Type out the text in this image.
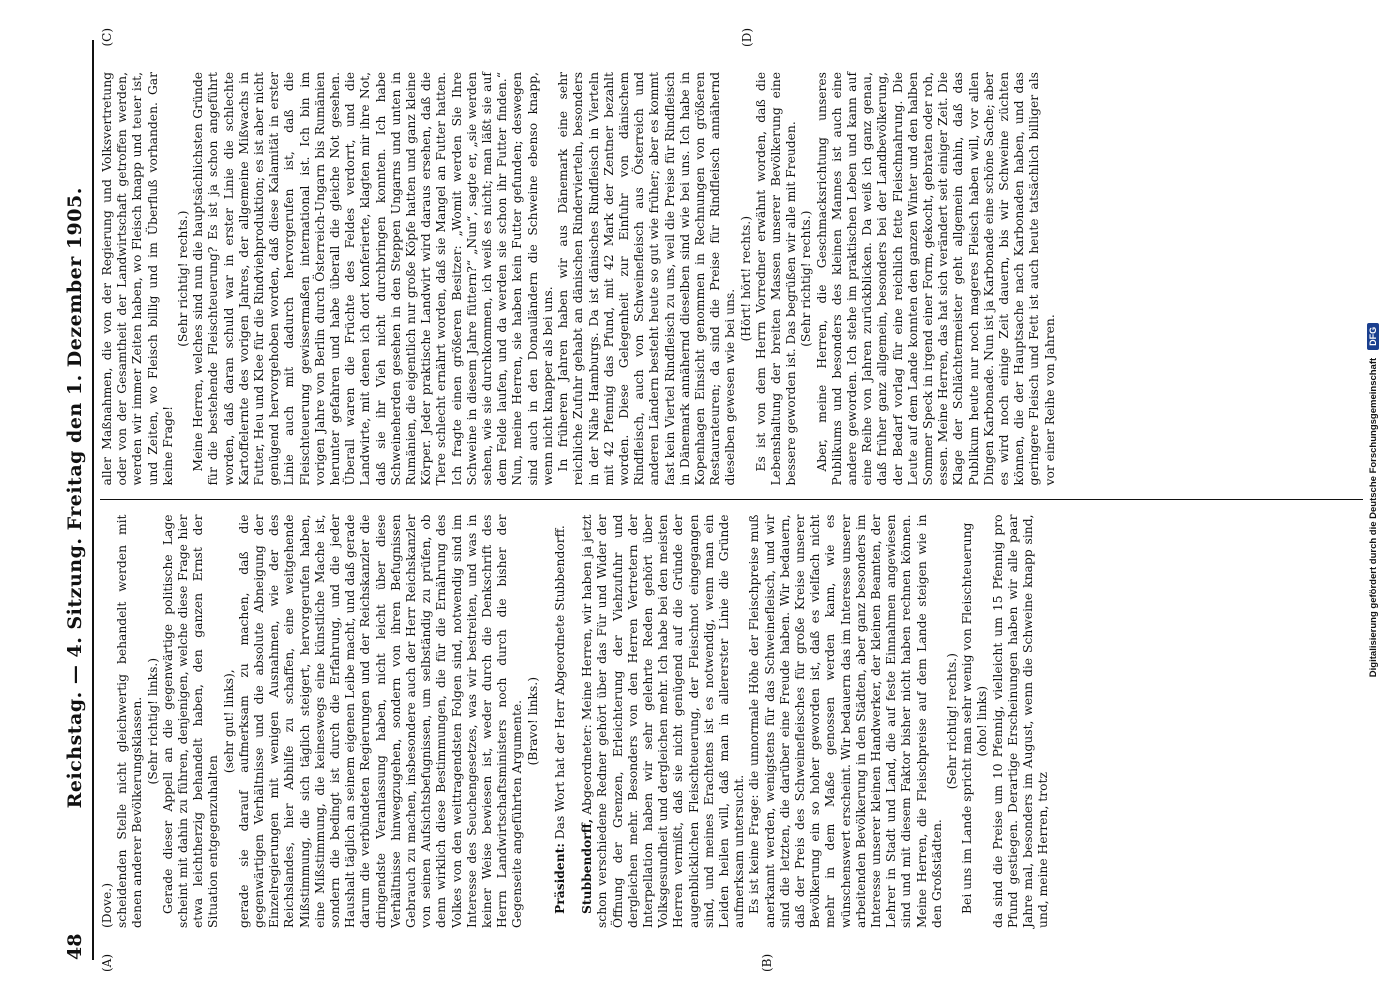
48
Reichstag. — 4. Sitzung. Freitag den 1. Dezember 1905.
(A)	(B)

(Dove.) scheidenden Stelle nicht gleichwertig behandelt werden mit denen anderer Bevölkerungsklassen. (Sehr richtig! links.) Gerade dieser Appell an die gegenwärtige politische Lage scheint mit dahin zu führen, denjenigen, welche diese Frage hier etwa leichtherzig behandelt haben, den ganzen Ernst der Situation entgegenzuhalten

(sehr gut! links), gerade sie darauf aufmerksam zu machen, daß die gegenwärtigen Verhältnisse und die absolute Abneigung der Einzelregierungen mit wenigen Ausnahmen, wie der des Reichslandes, hier Abhilfe zu schaffen, eine weitgehende Mißstimmung, die sich täglich steigert, hervorgerufen haben, eine Mißstimmung, die keineswegs eine künstliche Mache ist, sondern die bedingt ist durch die Erfahrung, und die jeder Haushalt täglich an seinem eigenen Leibe macht, und daß gerade darum die verbündeten Regierungen und der Reichskanzler die dringendste Veranlassung haben, nicht leicht über diese Verhältnisse hinwegzugehen, sondern von ihren Befugnissen Gebrauch zu machen, insbesondere auch der Herr Reichskanzler von seinen Aufsichtsbefugnissen, um selbständig zu prüfen, ob denn wirklich diese Bestimmungen, die für die Ernährung des Volkes von den weittragendsten Folgen sind, notwendig sind im Interesse des Seuchengesetzes, was wir bestreiten, und was in keiner Weise bewiesen ist, weder durch die Denkschrift des Herrn Landwirtschaftsministers noch durch die bisher der Gegenseite angeführten Argumente. (Bravo! links.)

Präsident: Das Wort hat der Herr Abgeordnete Stubbendorff.

Stubbendorff, Abgeordneter: Meine Herren, wir haben ja jetzt schon verschiedene Redner gehört über das Für und Wider der Öffnung der Grenzen, Erleichterung der Viehzufuhr und dergleichen mehr. Besonders von den Herren Vertretern der Interpellation haben wir sehr gelehrte Reden gehört über Volksgesundheit und dergleichen mehr. Ich habe bei den meisten Herren vermißt, daß sie nicht genügend auf die Gründe der augenblicklichen Fleischteuerung, der Fleischnot eingegangen sind, und meines Erachtens ist es notwendig, wenn man ein Leiden heilen will, daß man in allererster Linie die Gründe aufmerksam untersucht. Es ist keine Frage: die unnormale Höhe der Fleischpreise muß anerkannt werden, wenigstens für das Schweinefleisch, und wir sind die letzten, die darüber eine Freude haben. Wir bedauern, daß der Preis des Schweinefleisches für große Kreise unserer Bevölkerung ein so hoher geworden ist, daß es vielfach nicht mehr in dem Maße genossen werden kann, wie es wünschenswert erscheint. Wir bedauern das im Interesse unserer arbeitenden Bevölkerung in den Städten, aber ganz besonders im Interesse unserer kleinen Handwerker, der kleinen Beamten, der Lehrer in Stadt und Land, die auf feste Einnahmen angewiesen sind und mit diesem Faktor bisher nicht haben rechnen können. Meine Herren, die Fleischpreise auf dem Lande steigen wie in den Großstädten.

(Sehr richtig! rechts.) Bei uns im Lande spricht man sehr wenig von Fleischteuerung (oho! links) da sind die Preise um 10 Pfennig, vielleicht um 15 Pfennig pro Pfund gestiegen. Derartige Erscheinungen haben wir alle paar Jahre mal, besonders im August, wenn die Schweine knapp sind, und, meine Herren, trotz

(C)	(D)

aller Maßnahmen, die von der Regierung und Volksvertretung oder von der Gesamtheit der Landwirtschaft getroffen werden, werden wir immer Zeiten haben, wo Fleisch knapp und teuer ist, und Zeiten, wo Fleisch billig und im Überfluß vorhanden. Gar keine Frage!

(Sehr richtig! rechts.) Meine Herren, welches sind nun die hauptsächlichsten Gründe für die bestehende Fleischteuerung? Es ist ja schon angeführt worden, daß daran schuld war in erster Linie die schlechte Kartoffelernte des vorigen Jahres, der allgemeine Mißwachs in Futter, Heu und Klee für die Rindviehproduktion; es ist aber nicht genügend hervorgehoben worden, daß diese Kalamität in erster Linie auch mit dadurch hervorgerufen ist, daß die Fleischteuerung gewissermaßen international ist. Ich bin im vorigen Jahre von Berlin durch Österreich-Ungarn bis Rumänien herunter gefahren und habe überall die gleiche Not gesehen. Überall waren die Früchte des Feldes verdorrt, und die Landwirte, mit denen ich dort konferierte, klagten mir ihre Not, daß sie ihr Vieh nicht durchbringen konnten. Ich habe Schweineherden gesehen in den Steppen Ungarns und unten in Rumänien, die eigentlich nur große Köpfe hatten und ganz kleine Körper. Jeder praktische Landwirt wird daraus ersehen, daß die Tiere schlecht ernährt worden, daß sie Mangel an Futter hatten. Ich fragte einen größeren Besitzer: „Womit werden Sie Ihre Schweine in diesem Jahre füttern?“ „Nun“, sagte er, „sie werden sehen, wie sie durchkommen, ich weiß es nicht; man läßt sie auf dem Felde laufen, und da werden sie schon ihr Futter finden.“ Nun, meine Herren, sie haben kein Futter gefunden; deswegen sind auch in den Donauländern die Schweine ebenso knapp, wenn nicht knapper als bei uns. In früheren Jahren haben wir aus Dänemark eine sehr reichliche Zufuhr gehabt an dänischen Rindervierteln, besonders in der Nähe Hamburgs. Da ist dänisches Rindfleisch in Vierteln mit 42 Pfennig das Pfund, mit 42 Mark der Zentner bezahlt worden. Diese Gelegenheit zur Einfuhr von dänischem Rindfleisch, auch von Schweinefleisch aus Österreich und anderen Ländern besteht heute so gut wie früher; aber es kommt fast kein Viertel Rindfleisch zu uns, weil die Preise für Rindfleisch in Dänemark annähernd dieselben sind wie bei uns. Ich habe in Kopenhagen Einsicht genommen in Rechnungen von größeren Restaurateuren; da sind die Preise für Rindfleisch annähernd dieselben gewesen wie bei uns.

(Hört! hört! rechts.) Es ist von dem Herrn Vorredner erwähnt worden, daß die Lebenshaltung der breiten Massen unserer Bevölkerung eine bessere geworden ist. Das begrüßen wir alle mit Freuden. (Sehr richtig! rechts.) Aber, meine Herren, die Geschmacksrichtung unseres Publikums und besonders des kleinen Mannes ist auch eine andere geworden. Ich stehe im praktischen Leben und kann auf eine Reihe von Jahren zurückblicken. Da weiß ich ganz genau, daß früher ganz allgemein, besonders bei der Landbevölkerung, der Bedarf vorlag für eine reichlich fette Fleischnahrung. Die Leute auf dem Lande konnten den ganzen Winter und den halben Sommer Speck in irgend einer Form, gekocht, gebraten oder roh, essen. Meine Herren, das hat sich verändert seit einiger Zeit. Die Klage der Schlächtermeister geht allgemein dahin, daß das Publikum heute nur noch mageres Fleisch haben will, vor allen Dingen Karbonade. Nun ist ja Karbonade eine schöne Sache; aber es wird noch einige Zeit dauern, bis wir Schweine züchten können, die der Hauptsache nach Karbonaden haben, und das geringere Fleisch und Fett ist auch heute tatsächlich billiger als vor einer Reihe von Jahren.	Digitalisierung gefördert durch die Deutsche Forschungsgemeinschaft
DFG
